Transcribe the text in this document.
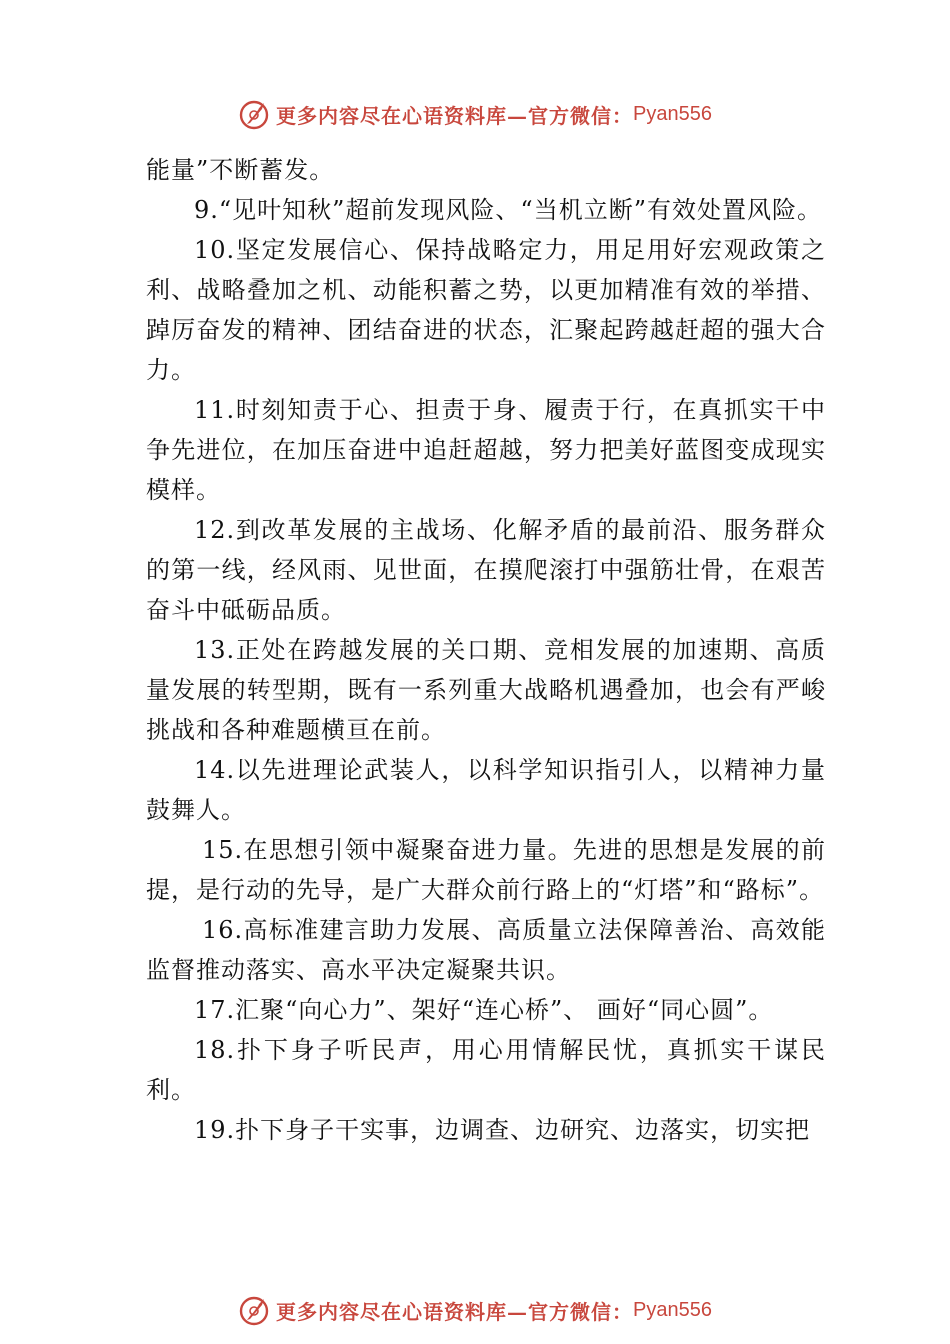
更多内容尽在心语资料库—官方微信： Pyan556

能量”不断蓄发。

9.“见叶知秋”超前发现风险、“当机立断”有效处置风险。

10.坚定发展信心、保持战略定力，用足用好宏观政策之利、战略叠加之机、动能积蓄之势，以更加精准有效的举措、 踔厉奋发的精神、团结奋进的状态，汇聚起跨越赶超的强大合力。

11.时刻知责于心、担责于身、履责于行，在真抓实干中争先进位，在加压奋进中追赶超越，努力把美好蓝图变成现实模样。

12.到改革发展的主战场、化解矛盾的最前沿、服务群众的第一线，经风雨、见世面，在摸爬滚打中强筋壮骨，在艰苦奋斗中砥砺品质。

13.正处在跨越发展的关口期、竞相发展的加速期、高质量发展的转型期，既有一系列重大战略机遇叠加，也会有严峻挑战和各种难题横亘在前。

14.以先进理论武装人，以科学知识指引人，以精神力量鼓舞人。

15.在思想引领中凝聚奋进力量。先进的思想是发展的前提，是行动的先导，是广大群众前行路上的“灯塔”和“路标”。

16.高标准建言助力发展、高质量立法保障善治、高效能监督推动落实、高水平决定凝聚共识。

17.汇聚“向心力”、架好“连心桥”、 画好“同心圆”。

18.扑下身子听民声，用心用情解民忧，真抓实干谋民利。

19.扑下身子干实事，边调查、边研究、边落实，切实把

更多内容尽在心语资料库—官方微信： Pyan556
